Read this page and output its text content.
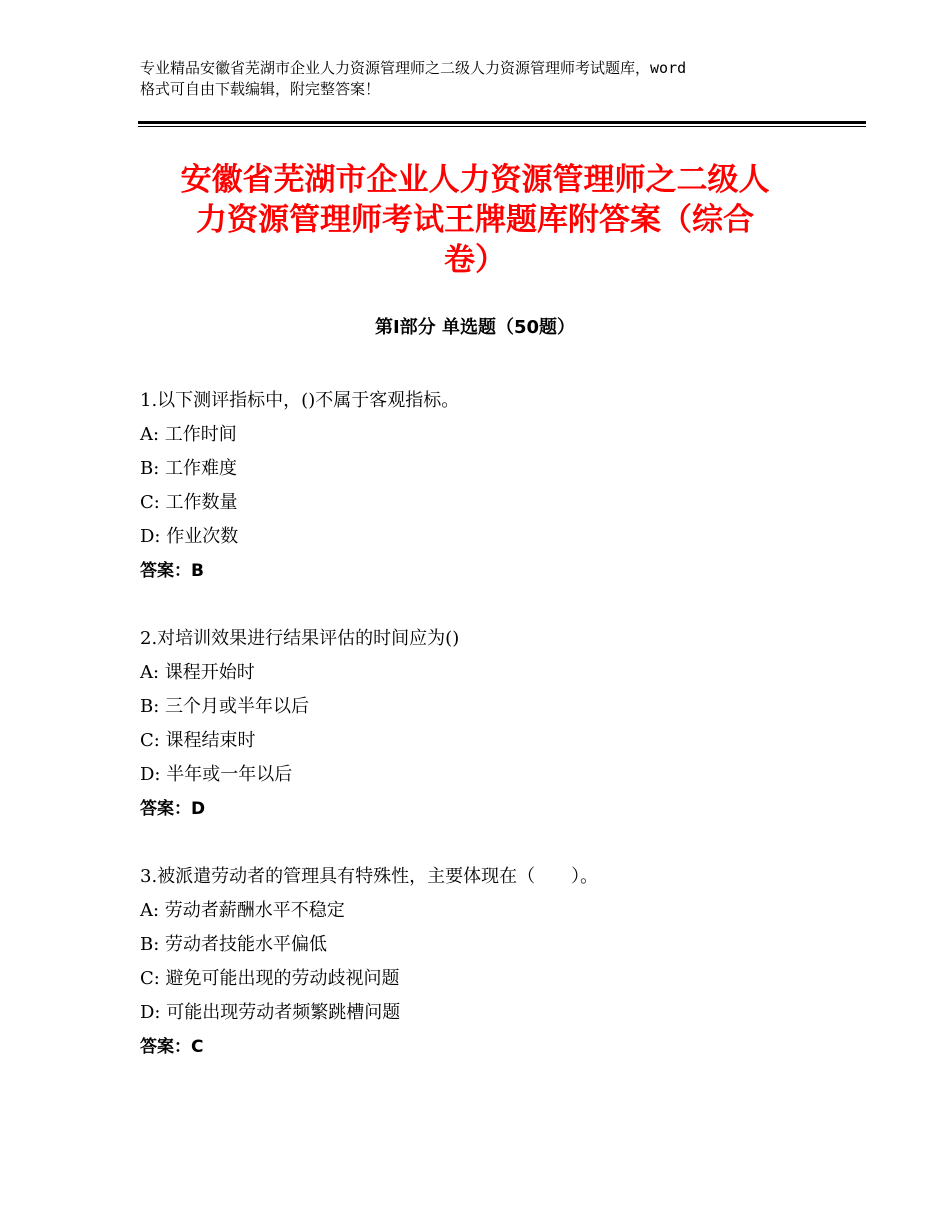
专业精品安徽省芜湖市企业人力资源管理师之二级人力资源管理师考试题库，word
格式可自由下载编辑，附完整答案！
安徽省芜湖市企业人力资源管理师之二级人
力资源管理师考试王牌题库附答案（综合
卷）
第Ⅰ部分 单选题（50题）
1.以下测评指标中，()不属于客观指标。
A: 工作时间
B: 工作难度
C: 工作数量
D: 作业次数
答案：B
2.对培训效果进行结果评估的时间应为()
A: 课程开始时
B: 三个月或半年以后
C: 课程结束时
D: 半年或一年以后
答案：D
3.被派遣劳动者的管理具有特殊性，主要体现在（　　）。
A: 劳动者薪酬水平不稳定
B: 劳动者技能水平偏低
C: 避免可能出现的劳动歧视问题
D: 可能出现劳动者频繁跳槽问题
答案：C
